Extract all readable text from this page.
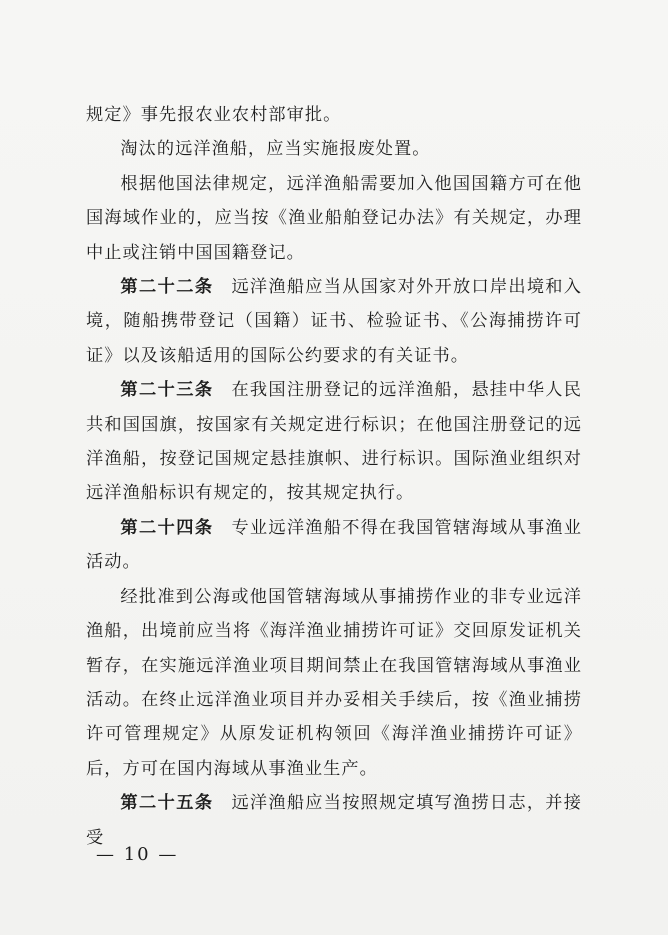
规定》事先报农业农村部审批。

淘汰的远洋渔船，应当实施报废处置。

根据他国法律规定，远洋渔船需要加入他国国籍方可在他国海域作业的，应当按《渔业船舶登记办法》有关规定，办理中止或注销中国国籍登记。

第二十二条 远洋渔船应当从国家对外开放口岸出境和入境，随船携带登记（国籍）证书、检验证书、《公海捕捞许可证》以及该船适用的国际公约要求的有关证书。

第二十三条 在我国注册登记的远洋渔船，悬挂中华人民共和国国旗，按国家有关规定进行标识；在他国注册登记的远洋渔船，按登记国规定悬挂旗帜、进行标识。国际渔业组织对远洋渔船标识有规定的，按其规定执行。

第二十四条 专业远洋渔船不得在我国管辖海域从事渔业活动。

经批准到公海或他国管辖海域从事捕捞作业的非专业远洋渔船，出境前应当将《海洋渔业捕捞许可证》交回原发证机关暂存，在实施远洋渔业项目期间禁止在我国管辖海域从事渔业活动。在终止远洋渔业项目并办妥相关手续后，按《渔业捕捞许可管理规定》从原发证机构领回《海洋渔业捕捞许可证》后，方可在国内海域从事渔业生产。

第二十五条 远洋渔船应当按照规定填写渔捞日志，并接受

— 10 —
